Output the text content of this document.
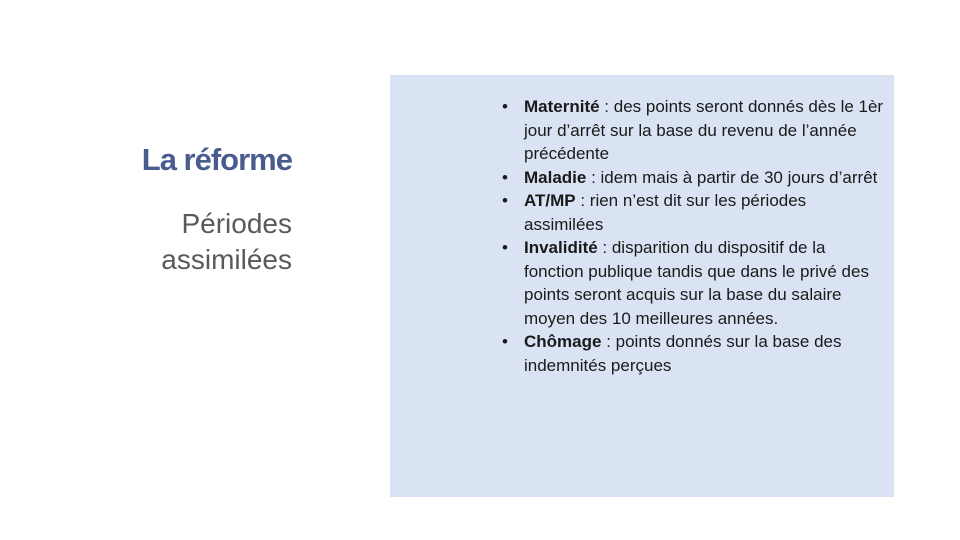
La réforme
Périodes assimilées
• Maternité : des points seront donnés dès le 1èr jour d’arrêt sur la base du revenu de l’année précédente
• Maladie : idem mais à partir de 30 jours d’arrêt
• AT/MP : rien n’est dit sur les périodes assimilées
• Invalidité : disparition du dispositif de la fonction publique tandis que dans le privé des points seront acquis sur la base du salaire moyen des 10 meilleures années.
• Chômage : points donnés sur la base des indemnités perçues
